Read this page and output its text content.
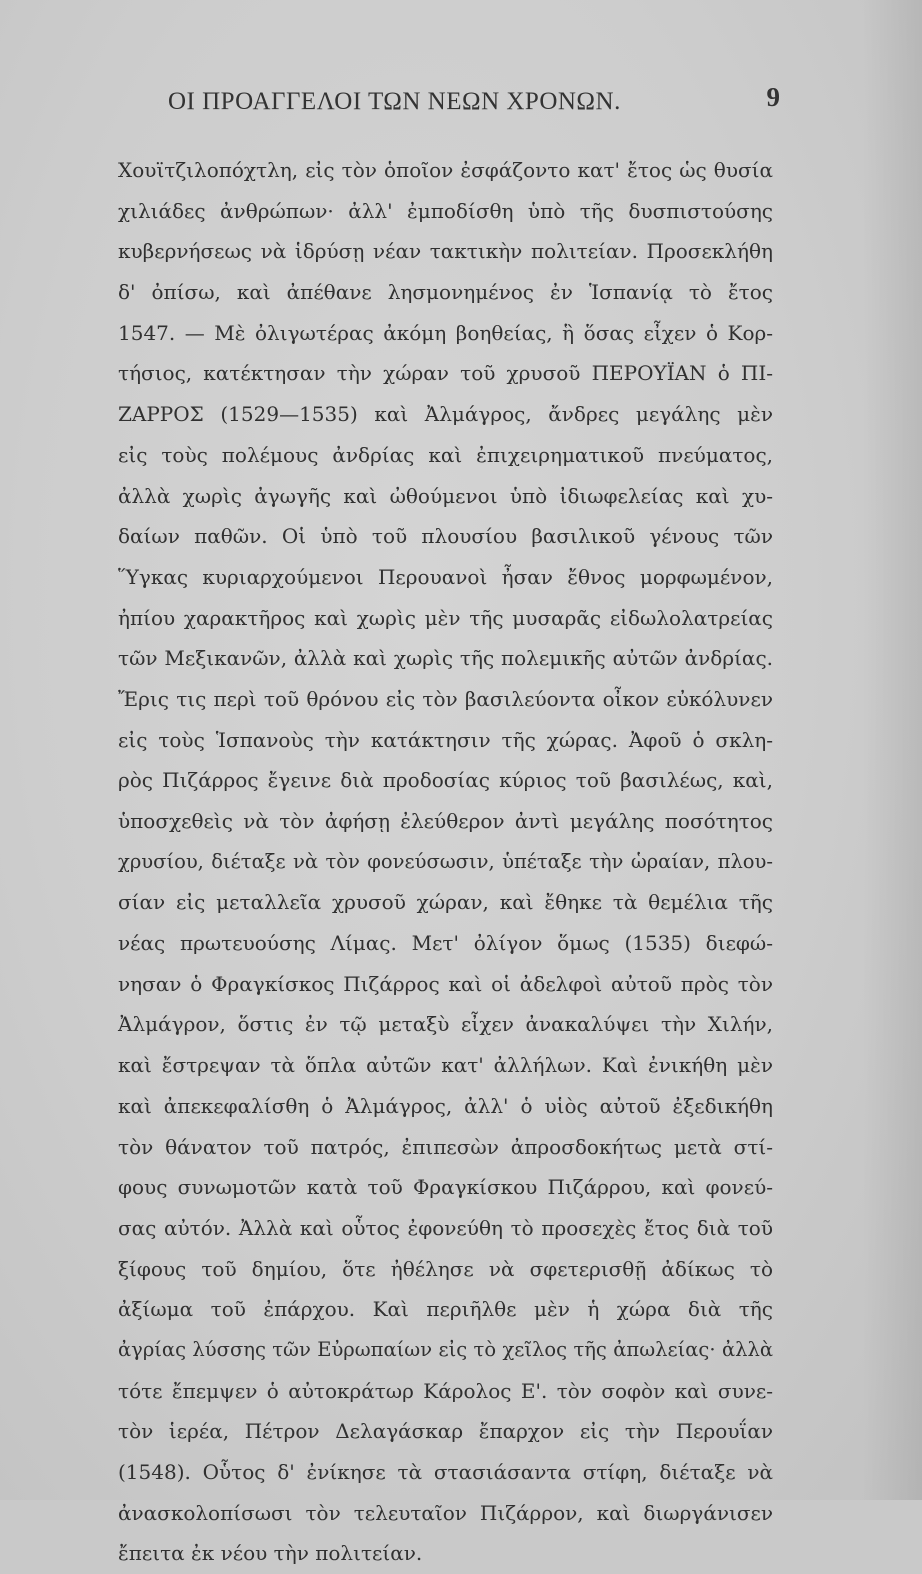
ΟΙ ΠΡΟΑΓΓΕΛΟΙ ΤΩΝ ΝΕΩΝ ΧΡΟΝΩΝ.	9
Χουϊτζιλοπόχτλη, εἰς τὸν ὁποῖον ἐσφάζοντο κατ' ἔτος ὡς θυσία
χιλιάδες ἀνθρώπων· ἀλλ' ἐμποδίσθη ὑπὸ τῆς δυσπιστούσης
κυβερνήσεως νὰ ἱδρύσῃ νέαν τακτικὴν πολιτείαν. Προσεκλήθη
δ' ὀπίσω, καὶ ἀπέθανε λησμονημένος ἐν Ἱσπανίᾳ τὸ ἔτος
1547. — Μὲ ὀλιγωτέρας ἀκόμη βοηθείας, ἣ ὅσας εἶχεν ὁ Κορ-
τήσιος, κατέκτησαν τὴν χώραν τοῦ χρυσοῦ ΠΕΡΟΥΪΑΝ ὁ ΠΙ-
ΖΑΡΡΟΣ (1529—1535) καὶ Ἀλμάγρος, ἄνδρες μεγάλης μὲν
εἰς τοὺς πολέμους ἀνδρίας καὶ ἐπιχειρηματικοῦ πνεύματος,
ἀλλὰ χωρὶς ἀγωγῆς καὶ ὠθούμενοι ὑπὸ ἰδιωφελείας καὶ χυ-
δαίων παθῶν. Οἱ ὑπὸ τοῦ πλουσίου βασιλικοῦ γένους τῶν
Ὕγκας κυριαρχούμενοι Περουανοὶ ἦσαν ἔθνος μορφωμένον,
ἠπίου χαρακτῆρος καὶ χωρὶς μὲν τῆς μυσαρᾶς εἰδωλολατρείας
τῶν Μεξικανῶν, ἀλλὰ καὶ χωρὶς τῆς πολεμικῆς αὐτῶν ἀνδρίας.
Ἔρις τις περὶ τοῦ θρόνου εἰς τὸν βασιλεύοντα οἶκον εὐκόλυνεν
εἰς τοὺς Ἱσπανοὺς τὴν κατάκτησιν τῆς χώρας. Ἀφοῦ ὁ σκλη-
ρὸς Πιζάρρος ἔγεινε διὰ προδοσίας κύριος τοῦ βασιλέως, καὶ,
ὑποσχεθεὶς νὰ τὸν ἀφήσῃ ἐλεύθερον ἀντὶ μεγάλης ποσότητος
χρυσίου, διέταξε νὰ τὸν φονεύσωσιν, ὑπέταξε τὴν ὡραίαν, πλου-
σίαν εἰς μεταλλεῖα χρυσοῦ χώραν, καὶ ἔθηκε τὰ θεμέλια τῆς
νέας πρωτευούσης Λίμας. Μετ' ὀλίγον ὅμως (1535) διεφώ-
νησαν ὁ Φραγκίσκος Πιζάρρος καὶ οἱ ἀδελφοὶ αὐτοῦ πρὸς τὸν
Ἀλμάγρον, ὅστις ἐν τῷ μεταξὺ εἶχεν ἀνακαλύψει τὴν Χιλήν,
καὶ ἔστρεψαν τὰ ὅπλα αὐτῶν κατ' ἀλλήλων. Καὶ ἐνικήθη μὲν
καὶ ἀπεκεφαλίσθη ὁ Ἀλμάγρος, ἀλλ' ὁ υἱὸς αὐτοῦ ἐξεδικήθη
τὸν θάνατον τοῦ πατρός, ἐπιπεσὼν ἀπροσδοκήτως μετὰ στί-
φους συνωμοτῶν κατὰ τοῦ Φραγκίσκου Πιζάρρου, καὶ φονεύ-
σας αὐτόν. Ἀλλὰ καὶ οὗτος ἐφονεύθη τὸ προσεχὲς ἔτος διὰ τοῦ
ξίφους τοῦ δημίου, ὅτε ἠθέλησε νὰ σφετερισθῇ ἀδίκως τὸ
ἀξίωμα τοῦ ἐπάρχου. Καὶ περιῆλθε μὲν ἡ χώρα διὰ τῆς
ἀγρίας λύσσης τῶν Εὐρωπαίων εἰς τὸ χεῖλος τῆς ἀπωλείας· ἀλλὰ
τότε ἔπεμψεν ὁ αὐτοκράτωρ Κάρολος Ε'. τὸν σοφὸν καὶ συνε-
τὸν ἱερέα, Πέτρον Δελαγάσκαρ ἔπαρχον εἰς τὴν Περουΐαν
(1548). Οὗτος δ' ἐνίκησε τὰ στασιάσαντα στίφη, διέταξε νὰ
ἀνασκολοπίσωσι τὸν τελευταῖον Πιζάρρον, καὶ διωργάνισεν
ἔπειτα ἐκ νέου τὴν πολιτείαν.
